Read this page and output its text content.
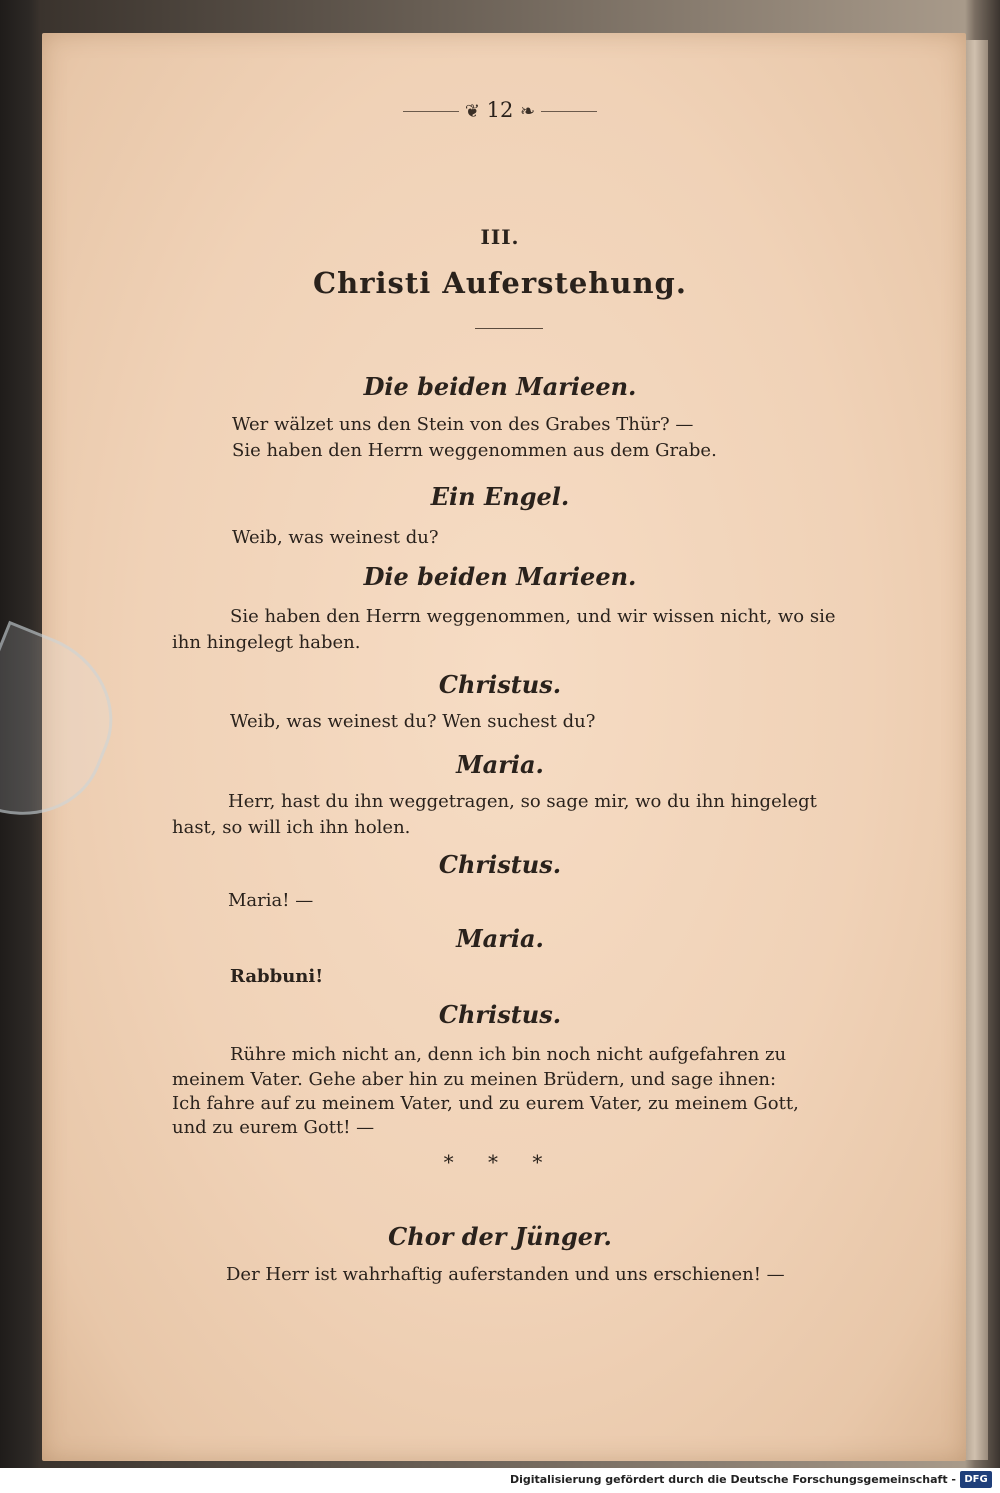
❦ 12 ❧
III.
Christi Auferstehung.
Die beiden Marieen.
Wer wälzet uns den Stein von des Grabes Thür? —
Sie haben den Herrn weggenommen aus dem Grabe.
Ein Engel.
Weib, was weinest du?
Die beiden Marieen.
Sie haben den Herrn weggenommen, und wir wissen nicht, wo sie
ihn hingelegt haben.
Christus.
Weib, was weinest du? Wen suchest du?
Maria.
Herr, hast du ihn weggetragen, so sage mir, wo du ihn hingelegt
hast, so will ich ihn holen.
Christus.
Maria! —
Maria.
Rabbuni!
Christus.
Rühre mich nicht an, denn ich bin noch nicht aufgefahren zu
meinem Vater. Gehe aber hin zu meinen Brüdern, und sage ihnen:
Ich fahre auf zu meinem Vater, und zu eurem Vater, zu meinem Gott,
und zu eurem Gott! —
* * *
Chor der Jünger.
Der Herr ist wahrhaftig auferstanden und uns erschienen! —
Digitalisierung gefördert durch die Deutsche Forschungsgemeinschaft - DFG
